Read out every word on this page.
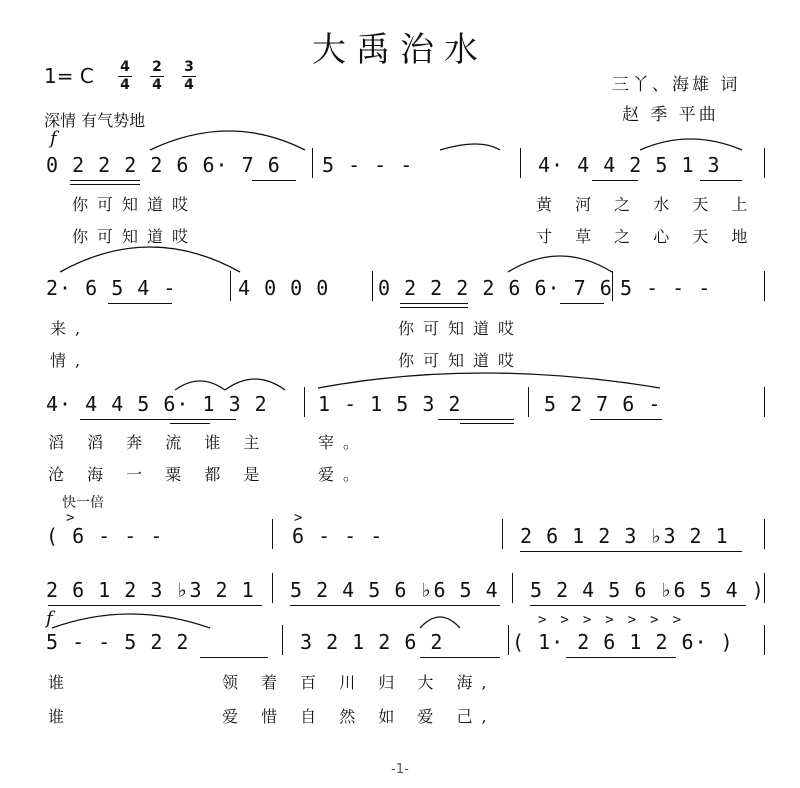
大禹治水
1= C 4
4
2
4
3
4	三丫、海雄 词
赵 季 平曲
深情 有气势地
f
0 2 2 2 2 6 6· 7 6 5 - - -	4· 4 4 2 5 1 3
你可知道哎	黄 河 之 水 天 上
你可知道哎	寸 草 之 心 天 地
2· 6 5 4 -	4 0 0 0 0 2 2 2 2 6 6· 7 6 5 - - -
来,	你可知道哎
情,	你可知道哎
4· 4 4 5 6· 1 3 2	1 - 1 5 3 2	5 2 7 6 -
滔 滔 奔 流 谁 主	宰。
沧 海 一 粟 都 是	爱。
快一倍
( 6 - - -	6 - - -	2 6 1 2 3 ♭3 2 1
>	>
2 6 1 2 3 ♭3 2 1 5 2 4 5 6 ♭6 5 4 5 2 4 5 6 ♭6 5 4 )
f
5 - - 5 2 2	3 2 1 2 6 2	( 1· 2 6 1 2 6· )
>>>>>>>
谁	领 着 百 川 归 大 海,
谁	爱 惜 自 然 如 爱 己,
-1-
